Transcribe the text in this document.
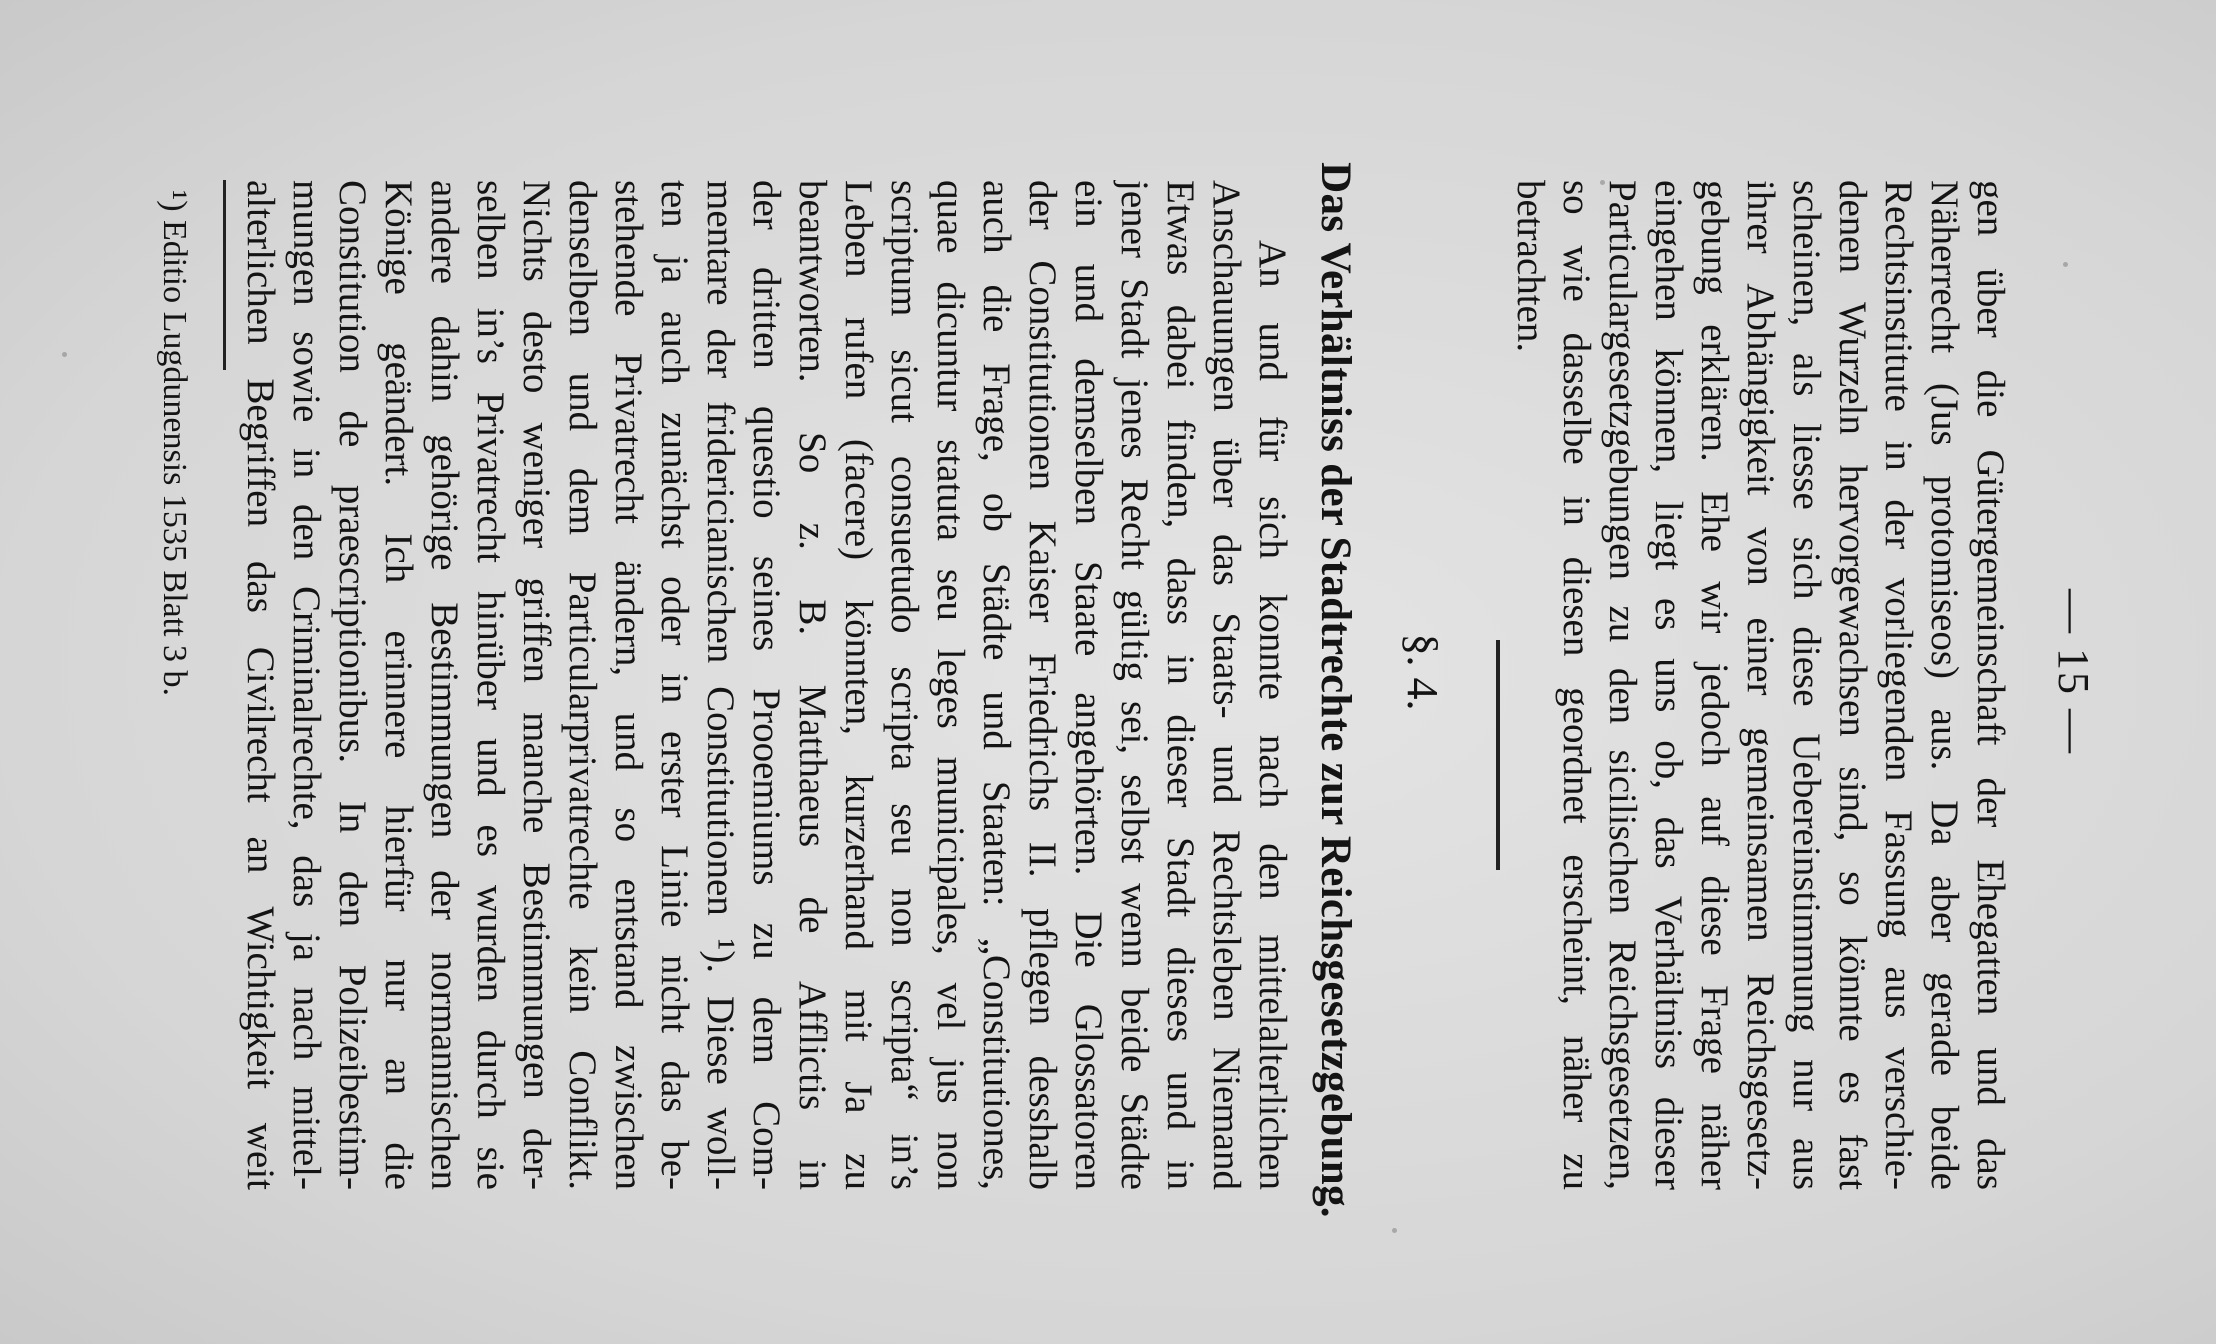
— 15 —
gen über die Gütergemeinschaft der Ehegatten und das
Näherrecht (Jus protomiseos) aus. Da aber gerade beide
Rechtsinstitute in der vorliegenden Fassung aus verschie-
denen Wurzeln hervorgewachsen sind, so könnte es fast
scheinen, als liesse sich diese Uebereinstimmung nur aus
ihrer Abhängigkeit von einer gemeinsamen Reichsgesetz-
gebung erklären. Ehe wir jedoch auf diese Frage näher
eingehen können, liegt es uns ob, das Verhältniss dieser
Particulargesetzgebungen zu den sicilischen Reichsgesetzen,
so wie dasselbe in diesen geordnet erscheint, näher zu
betrachten.
§. 4.
Das Verhältniss der Stadtrechte zur Reichsgesetzgebung.
An und für sich konnte nach den mittelalterlichen
Anschauungen über das Staats- und Rechtsleben Niemand
Etwas dabei finden, dass in dieser Stadt dieses und in
jener Stadt jenes Recht gültig sei, selbst wenn beide Städte
ein und demselben Staate angehörten. Die Glossatoren
der Constitutionen Kaiser Friedrichs II. pflegen desshalb
auch die Frage, ob Städte und Staaten: „Constitutiones,
quae dicuntur statuta seu leges municipales, vel jus non
scriptum sicut consuetudo scripta seu non scripta“ in’s
Leben rufen (facere) könnten, kurzerhand mit Ja zu
beantworten. So z. B. Matthaeus de Afflictis in
der dritten questio seines Prooemiums zu dem Com-
mentare der fridericianischen Constitutionen ¹). Diese woll-
ten ja auch zunächst oder in erster Linie nicht das be-
stehende Privatrecht ändern, und so entstand zwischen
denselben und dem Particularprivatrechte kein Conflikt.
Nichts desto weniger griffen manche Bestimmungen der-
selben in’s Privatrecht hinüber und es wurden durch sie
andere dahin gehörige Bestimmungen der normannischen
Könige geändert. Ich erinnere hierfür nur an die
Constitution de praescriptionibus. In den Polizeibestim-
mungen sowie in den Criminalrechte, das ja nach mittel-
alterlichen Begriffen das Civilrecht an Wichtigkeit weit
¹) Editio Lugdunensis 1535 Blatt 3 b.
